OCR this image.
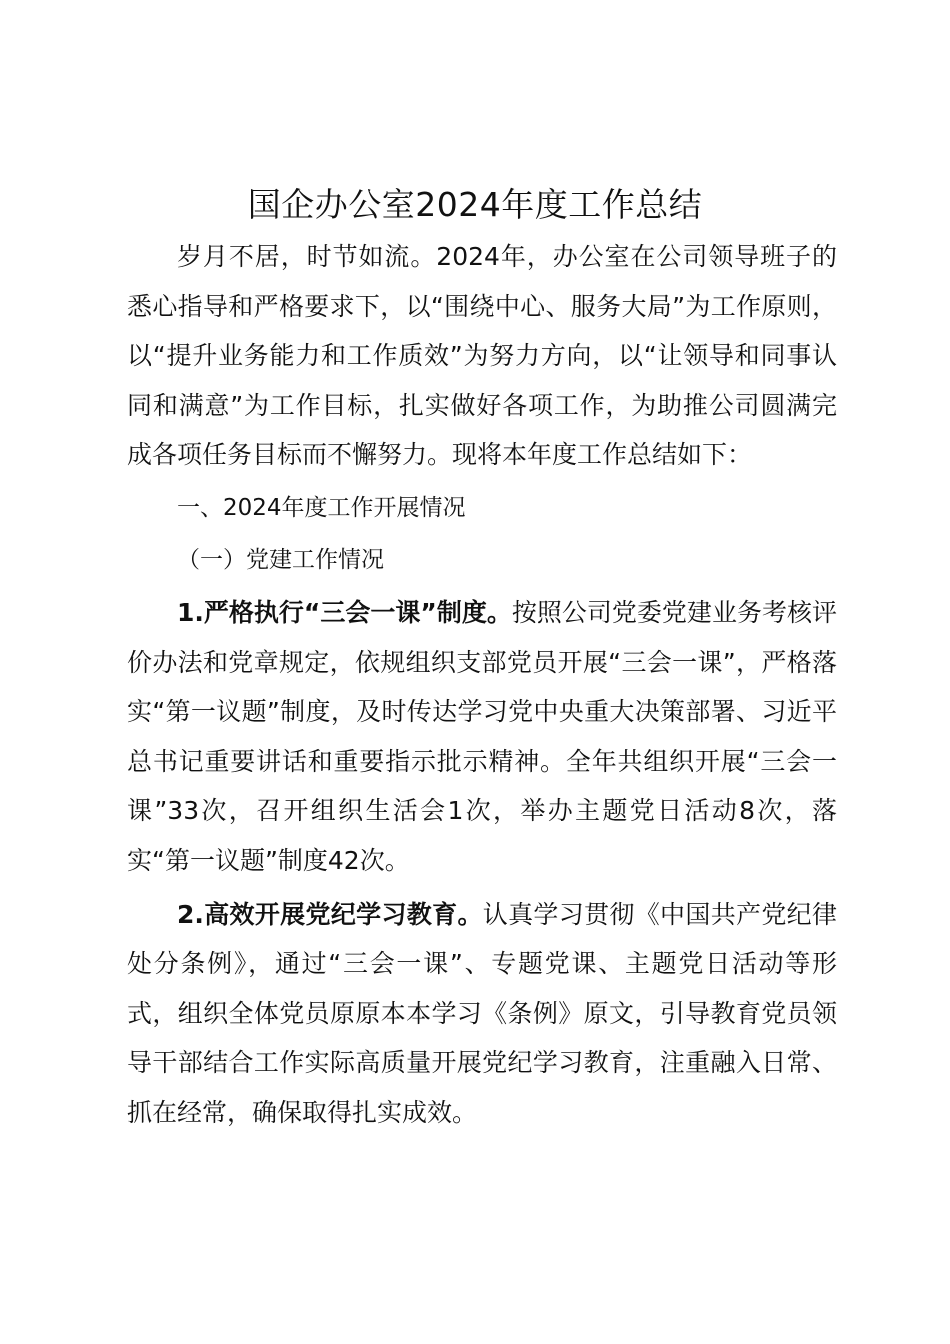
国企办公室2024年度工作总结

岁月不居，时节如流。2024年，办公室在公司领导班子的悉心指导和严格要求下，以“围绕中心、服务大局”为工作原则，以“提升业务能力和工作质效”为努力方向，以“让领导和同事认同和满意”为工作目标，扎实做好各项工作，为助推公司圆满完成各项任务目标而不懈努力。现将本年度工作总结如下：

一、2024年度工作开展情况

（一）党建工作情况

1.严格执行“三会一课”制度。按照公司党委党建业务考核评价办法和党章规定，依规组织支部党员开展“三会一课”，严格落实“第一议题”制度，及时传达学习党中央重大决策部署、习近平总书记重要讲话和重要指示批示精神。全年共组织开展“三会一课”33次，召开组织生活会1次，举办主题党日活动8次，落实“第一议题”制度42次。

2.高效开展党纪学习教育。认真学习贯彻《中国共产党纪律处分条例》，通过“三会一课”、专题党课、主题党日活动等形式，组织全体党员原原本本学习《条例》原文，引导教育党员领导干部结合工作实际高质量开展党纪学习教育，注重融入日常、抓在经常，确保取得扎实成效。
